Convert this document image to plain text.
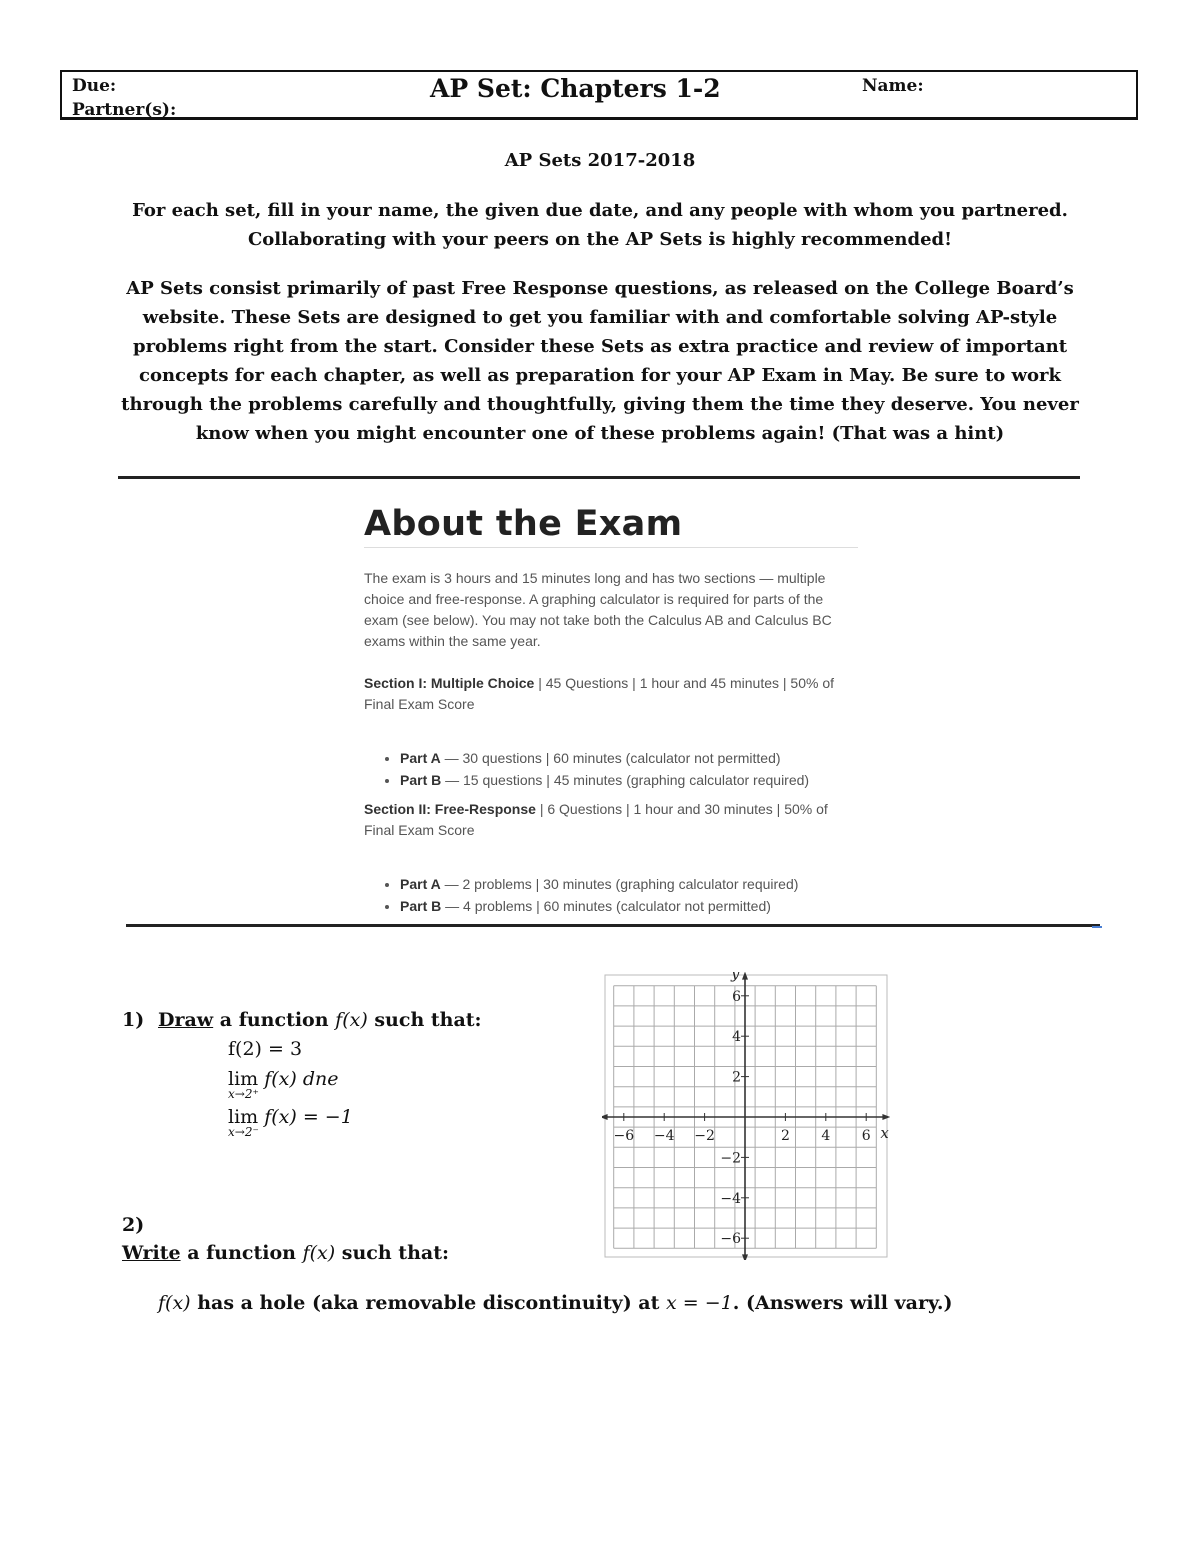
Due:
Partner(s):
AP Set: Chapters 1-2	Name:
AP Sets 2017-2018
For each set, fill in your name, the given due date, and any people with whom you partnered. Collaborating with your peers on the AP Sets is highly recommended!
AP Sets consist primarily of past Free Response questions, as released on the College Board’s website. These Sets are designed to get you familiar with and comfortable solving AP-style problems right from the start. Consider these Sets as extra practice and review of important concepts for each chapter, as well as preparation for your AP Exam in May. Be sure to work through the problems carefully and thoughtfully, giving them the time they deserve. You never know when you might encounter one of these problems again! (That was a hint)
About the Exam

The exam is 3 hours and 15 minutes long and has two sections — multiple choice and free-response. A graphing calculator is required for parts of the exam (see below). You may not take both the Calculus AB and Calculus BC exams within the same year.

Section I: Multiple Choice | 45 Questions | 1 hour and 45 minutes | 50% of Final Exam Score

• Part A — 30 questions | 60 minutes (calculator not permitted)
• Part B — 15 questions | 45 minutes (graphing calculator required)

Section II: Free-Response | 6 Questions | 1 hour and 30 minutes | 50% of Final Exam Score

• Part A — 2 problems | 30 minutes (graphing calculator required)
• Part B — 4 problems | 60 minutes (calculator not permitted)
1) Draw a function f(x) such that:
f(2) = 3
lim
x→2⁺
f(x) dne
lim
x→2⁻
f(x) = −1
2)
Write a function f(x) such that:
f(x) has a hole (aka removable discontinuity) at x = −1. (Answers will vary.)
−6 −4 −2	2 4 6
6
4
2
−2
−4
−6
x
y
